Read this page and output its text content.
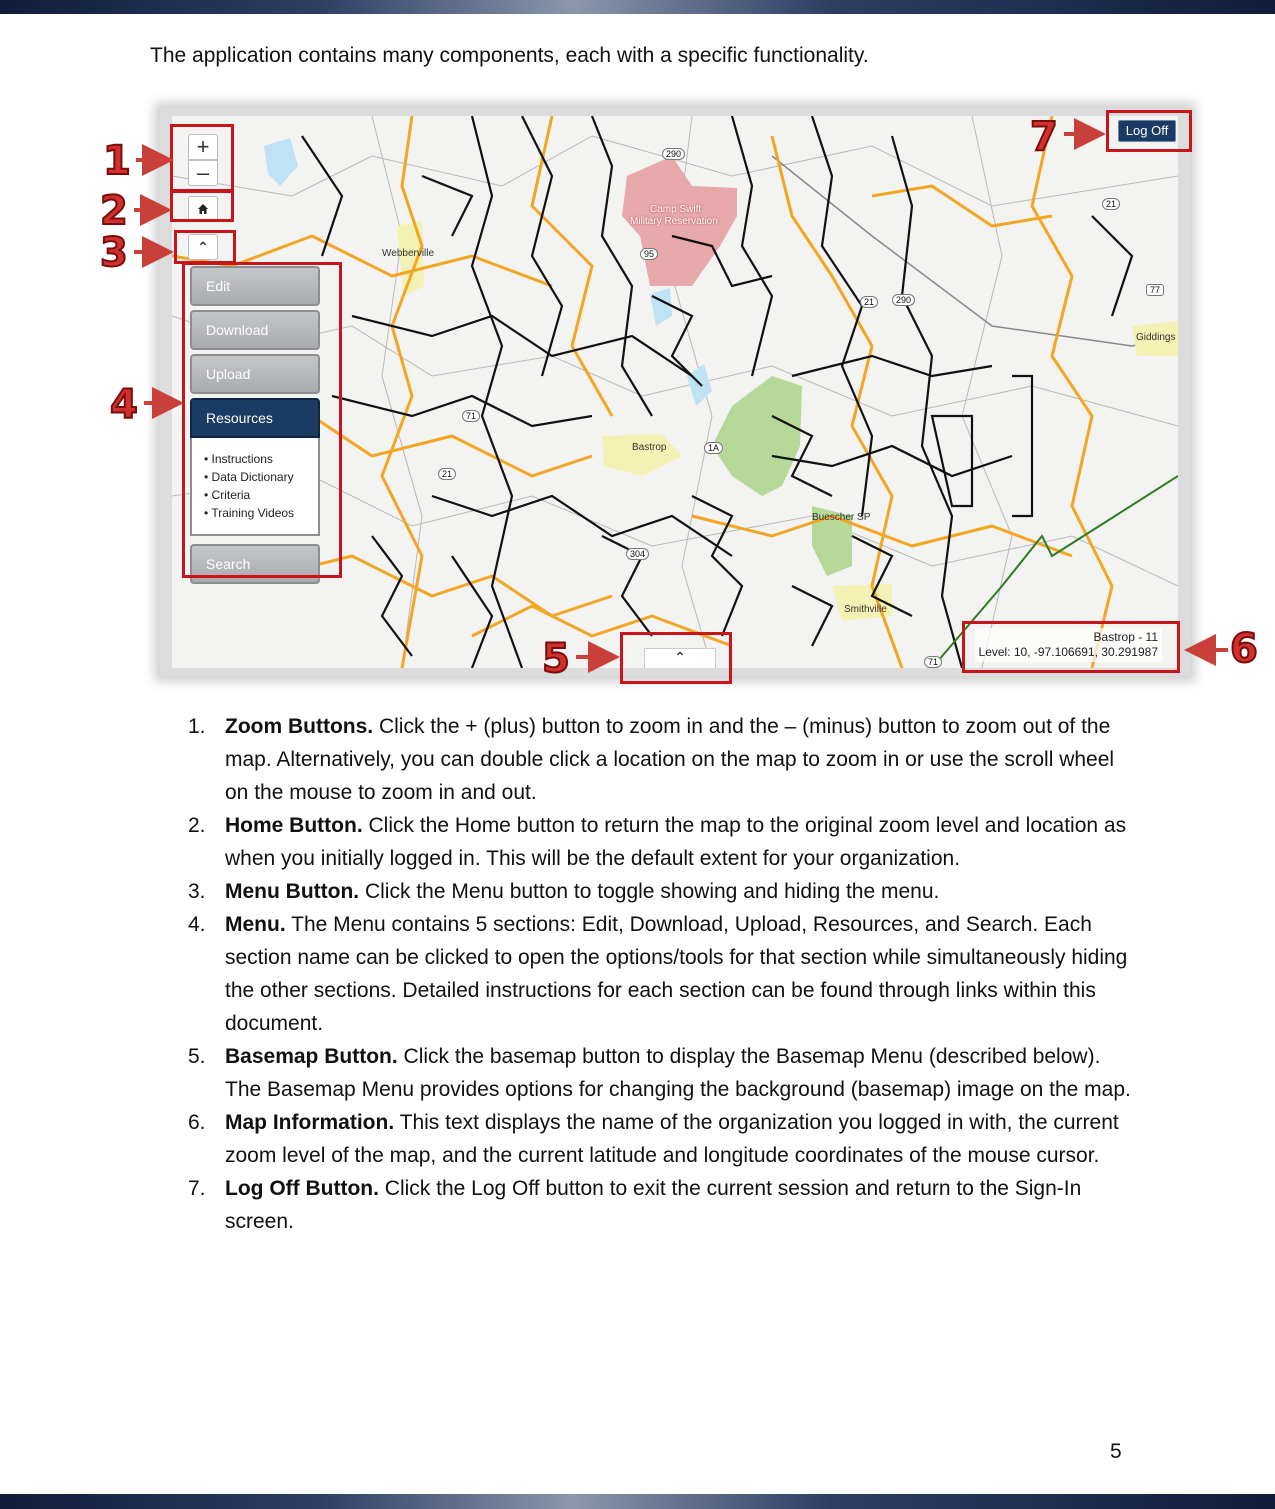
The application contains many components, each with a specific functionality.
Camp Swift
Military Reservation
Webberville
Bastrop
Smithville
Giddings
Buescher SP
290
21
21	290
95
77
71
1A
304
71
21
+
–
⌃
Edit
Download
Upload
Resources
• Instructions
• Data Dictionary
• Criteria
• Training Videos
Search
Log Off
⌃
Bastrop - 11
Level: 10, -97.106691, 30.291987
1
2
3
4
5	6
7
1. Zoom Buttons. Click the + (plus) button to zoom in and the – (minus) button to zoom out of the map. Alternatively, you can double click a location on the map to zoom in or use the scroll wheel on the mouse to zoom in and out.
2. Home Button. Click the Home button to return the map to the original zoom level and location as when you initially logged in. This will be the default extent for your organization.
3. Menu Button. Click the Menu button to toggle showing and hiding the menu.
4. Menu. The Menu contains 5 sections: Edit, Download, Upload, Resources, and Search. Each section name can be clicked to open the options/tools for that section while simultaneously hiding the other sections. Detailed instructions for each section can be found through links within this document.
5. Basemap Button. Click the basemap button to display the Basemap Menu (described below). The Basemap Menu provides options for changing the background (basemap) image on the map.
6. Map Information. This text displays the name of the organization you logged in with, the current zoom level of the map, and the current latitude and longitude coordinates of the mouse cursor.
7. Log Off Button. Click the Log Off button to exit the current session and return to the Sign-In screen.
5
